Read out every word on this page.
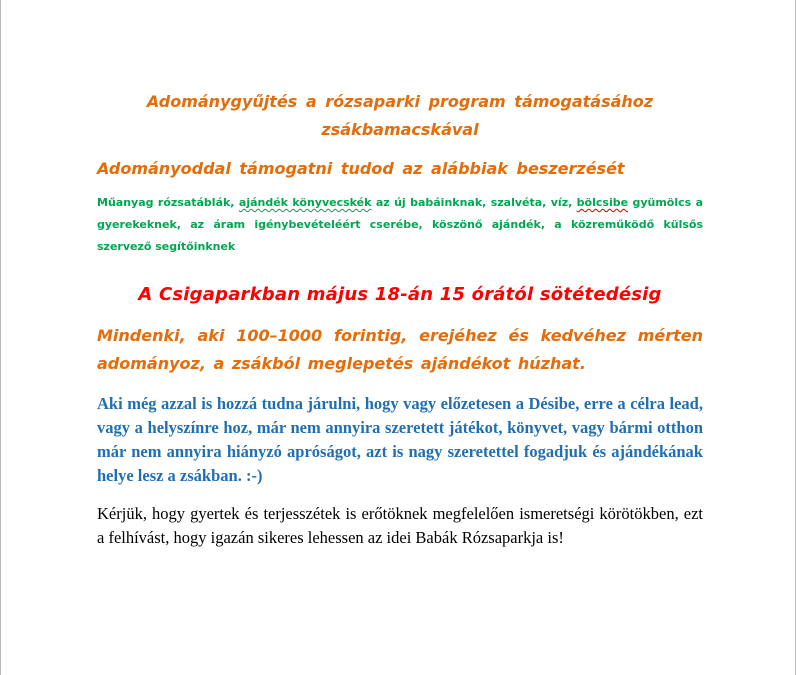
Adománygyűjtés a rózsaparki program támogatásához
zsákbamacskával

Adományoddal támogatni tudod az alábbiak beszerzését

Műanyag rózsatáblák, ajándék könyvecskék az új babáinknak, szalvéta, víz, bölcsibe gyümölcs a gyerekeknek, az áram igénybevételéért cserébe, köszönő ajándék, a közreműködő külsős szervező segítőinknek

A Csigaparkban május 18-án 15 órától sötétedésig

Mindenki, aki 100–1000 forintig, erejéhez és kedvéhez mérten adományoz, a zsákból meglepetés ajándékot húzhat.

Aki még azzal is hozzá tudna járulni, hogy vagy előzetesen a Désibe, erre a célra lead, vagy a helyszínre hoz, már nem annyira szeretett játékot, könyvet, vagy bármi otthon már nem annyira hiányzó apróságot, azt is nagy szeretettel fogadjuk és ajándékának helye lesz a zsákban. :-)

Kérjük, hogy gyertek és terjesszétek is erőtöknek megfelelően ismeretségi körötökben, ezt a felhívást, hogy igazán sikeres lehessen az idei Babák Rózsaparkja is!
